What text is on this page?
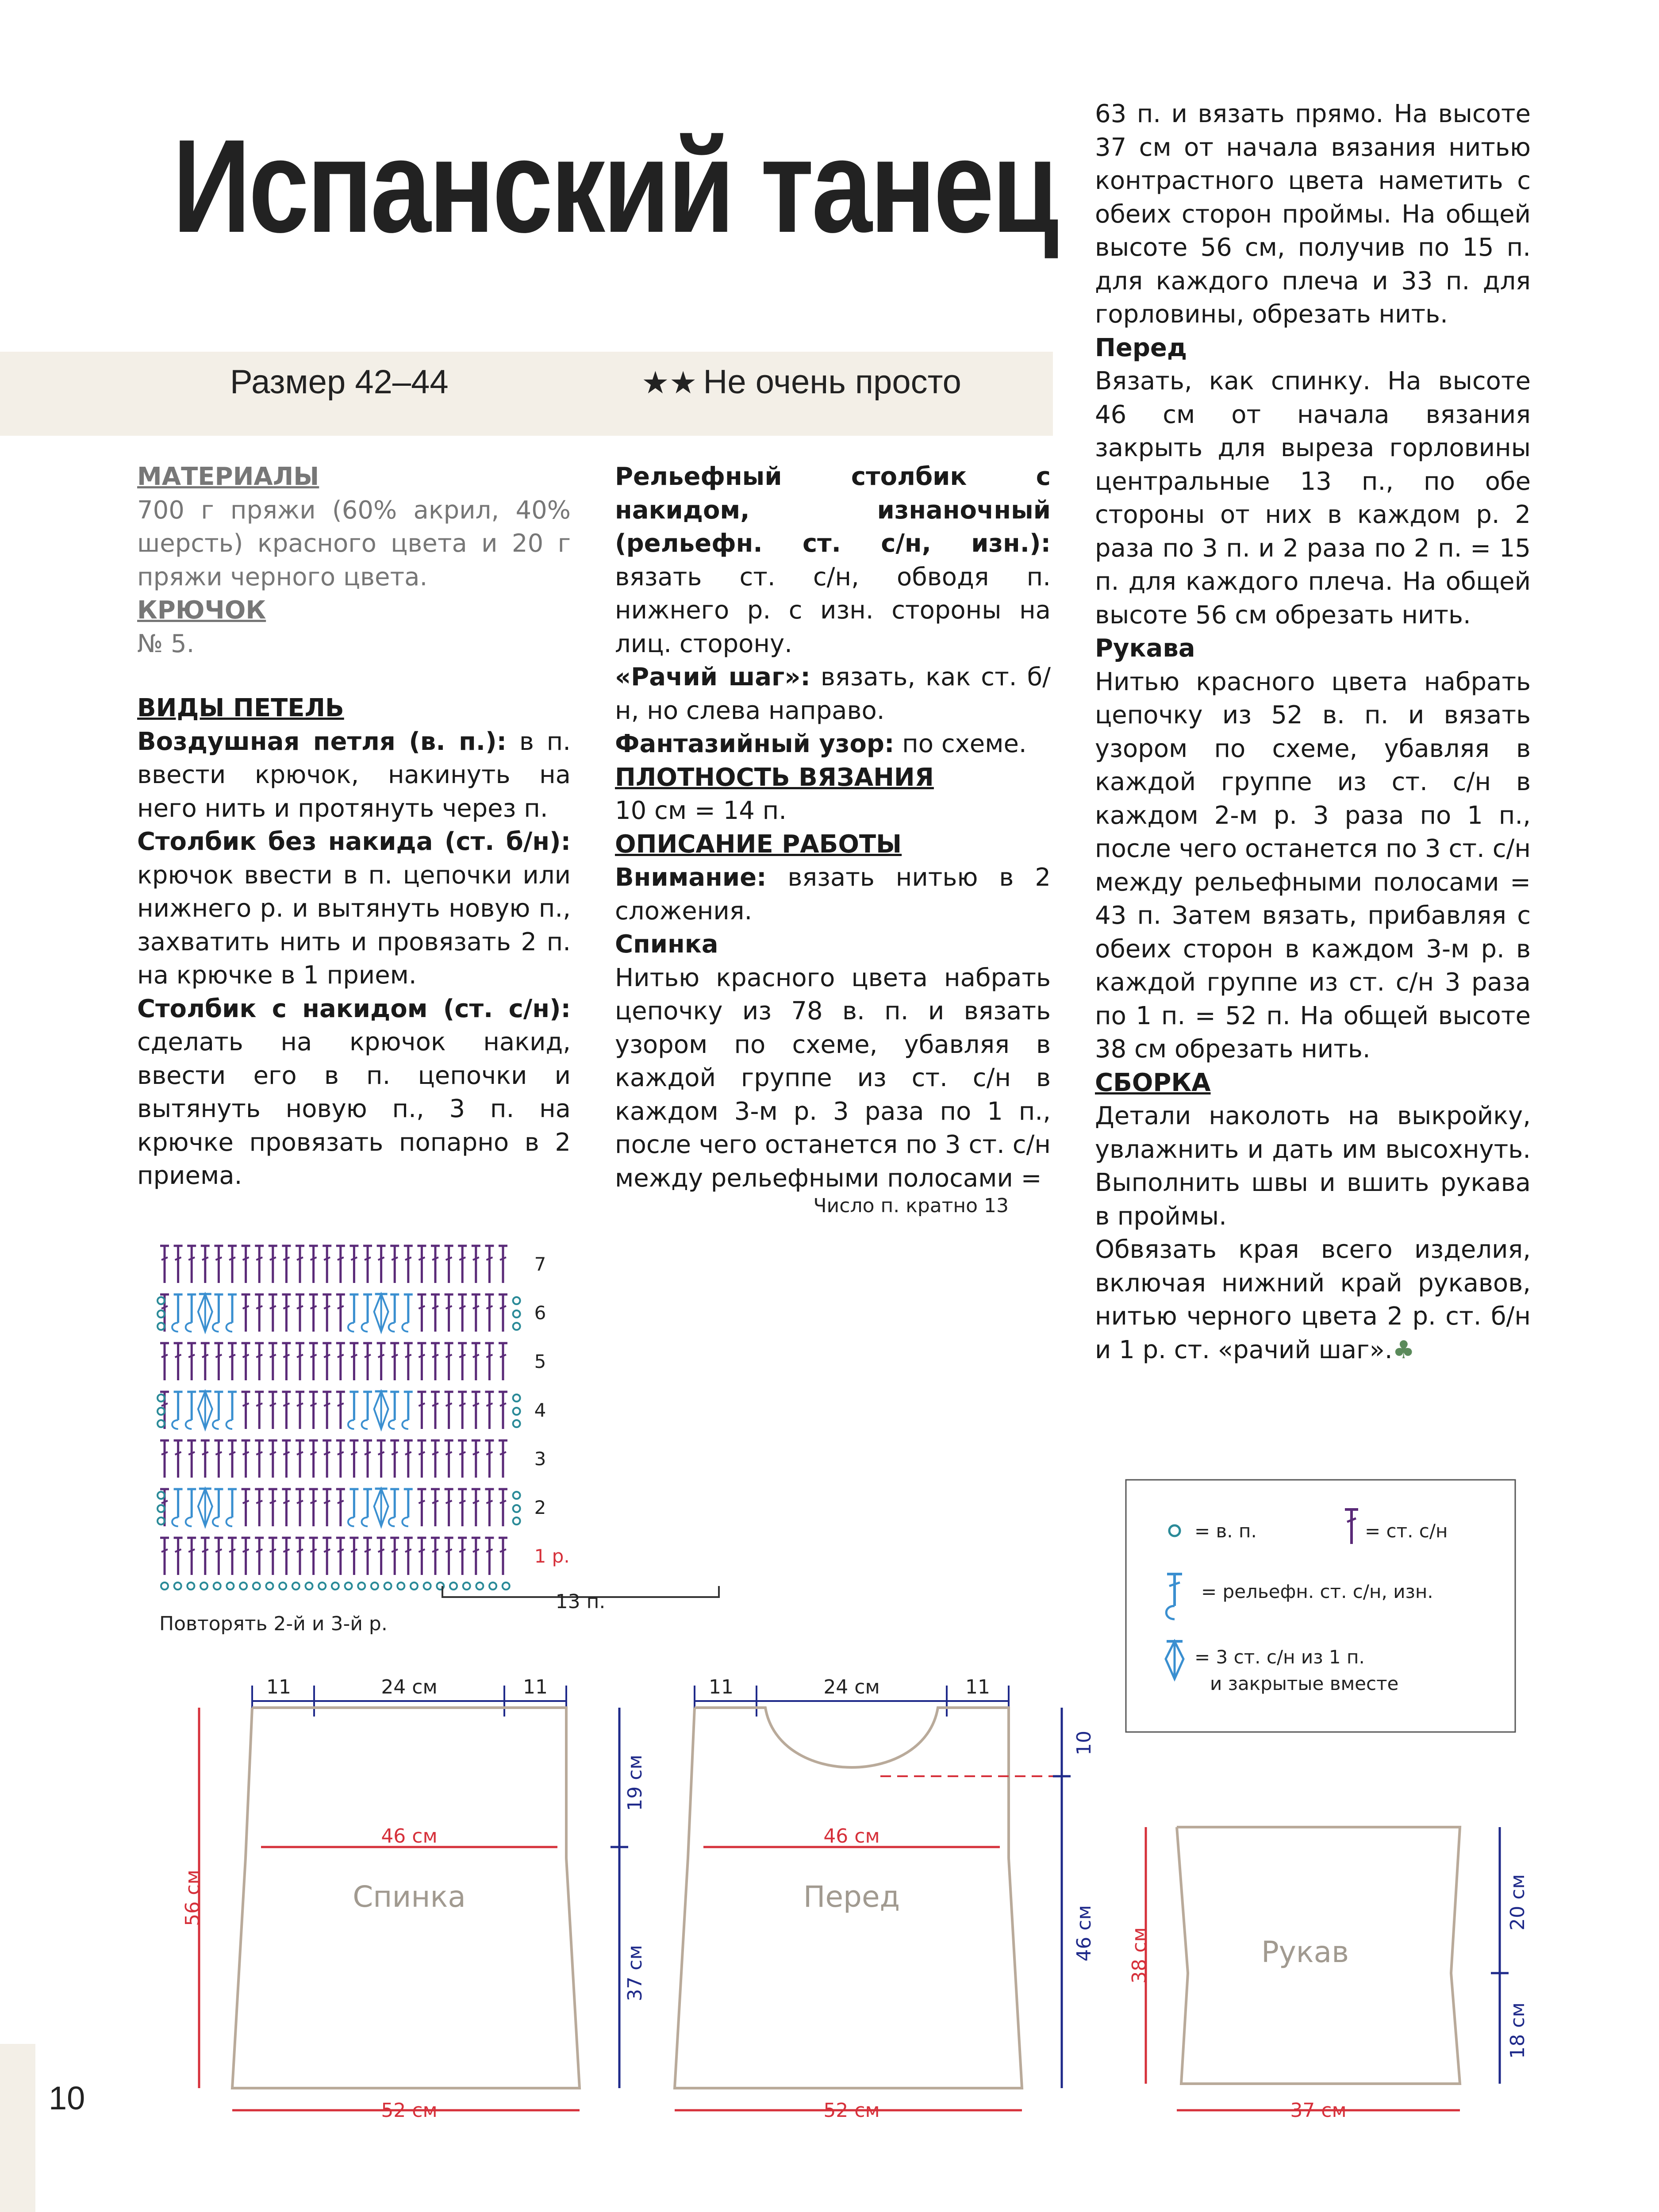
Испанский танец
Размер 42–44	★★ Не очень просто

МАТЕРИАЛЫ

700 г пряжи (60% акрил, 40% шерсть) красного цвета и 20 г пряжи черного цвета.

КРЮЧОК

№ 5.

ВИДЫ ПЕТЕЛЬ

Воздушная петля (в. п.): в п. ввести крючок, накинуть на него нить и протянуть через п.

Столбик без накида (ст. б/н): крючок ввести в п. цепочки или нижнего р. и вытянуть новую п., захватить нить и провязать 2 п. на крючке в 1 прием.

Столбик с накидом (ст. с/н): сделать на крючок накид, ввести его в п. цепочки и вытянуть новую п., 3 п. на крючке провязать попарно в 2 приема.

Рельефный столбик с накидом, изнаночный (рельефн. ст. с/н, изн.): вязать ст. с/н, обводя п. нижнего р. с изн. стороны на лиц. сторону.

«Рачий шаг»: вязать, как ст. б/н, но слева направо.

Фантазийный узор: по схеме.

ПЛОТНОСТЬ ВЯЗАНИЯ

10 см = 14 п.

ОПИСАНИЕ РАБОТЫ

Внимание: вязать нитью в 2 сложения.

Спинка

Нитью красного цвета набрать цепочку из 78 в. п. и вязать узором по схеме, убавляя в каждой группе из ст. с/н в каждом 3-м р. 3 раза по 1 п., после чего останется по 3 ст. с/н между рельефными полосами =

63 п. и вязать прямо. На высоте 37 см от начала вязания нитью контрастного цвета наметить с обеих сторон проймы. На общей высоте 56 см, получив по 15 п. для каждого плеча и 33 п. для горловины, обрезать нить.

Перед

Вязать, как спинку. На высоте 46 см от начала вязания закрыть для выреза горловины центральные 13 п., по обе стороны от них в каждом р. 2 раза по 3 п. и 2 раза по 2 п. = 15 п. для каждого плеча. На общей высоте 56 см обрезать нить.

Рукава

Нитью красного цвета набрать цепочку из 52 в. п. и вязать узором по схеме, убавляя в каждой группе из ст. с/н в каждом 2-м р. 3 раза по 1 п., после чего останется по 3 ст. с/н между рельефными полосами = 43 п. Затем вязать, прибавляя с обеих сторон в каждом 3-м р. в каждой группе из ст. с/н 3 раза по 1 п. = 52 п. На общей высоте 38 см обрезать нить.

СБОРКА

Детали наколоть на выкройку, увлажнить и дать им высохнуть. Выполнить швы и вшить рукава в проймы.

Обвязать края всего изделия, включая нижний край рукавов, нитью черного цвета 2 р. ст. б/н и 1 р. ст. «рачий шаг».♣

Число п. кратно 13
1 р.
2
3
4
5
6
7
13 п.
Повторять 2-й и 3-й р.
= в. п.	= ст. с/н
= рельефн. ст. с/н, изн.
= 3 ст. с/н из 1 п.
и закрытые вместе
11	24 см	11
46 см
Спинка
56 см
19 см
37 см
52 см
11	24 см	11
46 см
Перед
10
46 см
52 см
Рукав
38 см
20 см
18 см
37 см
10
